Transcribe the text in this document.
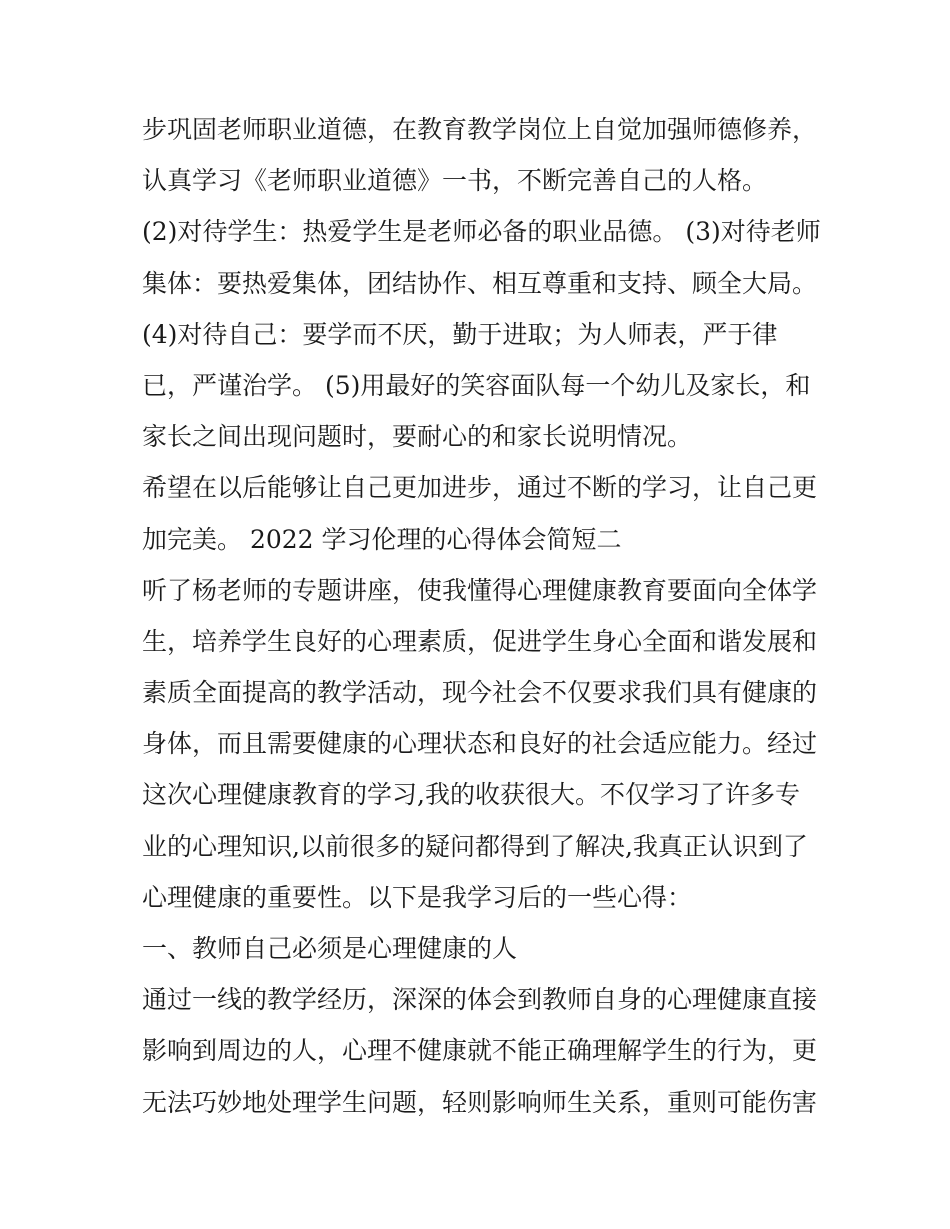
步巩固老师职业道德，在教育教学岗位上自觉加强师德修养，
认真学习《老师职业道德》一书，不断完善自己的人格。
(2)对待学生：热爱学生是老师必备的职业品德。 (3)对待老师
集体：要热爱集体，团结协作、相互尊重和支持、顾全大局。
(4)对待自己：要学而不厌，勤于进取；为人师表，严于律
已，严谨治学。 (5)用最好的笑容面队每一个幼儿及家长，和
家长之间出现问题时，要耐心的和家长说明情况。
希望在以后能够让自己更加进步，通过不断的学习，让自己更
加完美。 2022 学习伦理的心得体会简短二
听了杨老师的专题讲座，使我懂得心理健康教育要面向全体学
生，培养学生良好的心理素质，促进学生身心全面和谐发展和
素质全面提高的教学活动，现今社会不仅要求我们具有健康的
身体，而且需要健康的心理状态和良好的社会适应能力。经过
这次心理健康教育的学习,我的收获很大。不仅学习了许多专
业的心理知识,以前很多的疑问都得到了解决,我真正认识到了
心理健康的重要性。以下是我学习后的一些心得：
一、教师自己必须是心理健康的人
通过一线的教学经历，深深的体会到教师自身的心理健康直接
影响到周边的人，心理不健康就不能正确理解学生的行为，更
无法巧妙地处理学生问题，轻则影响师生关系，重则可能伤害
